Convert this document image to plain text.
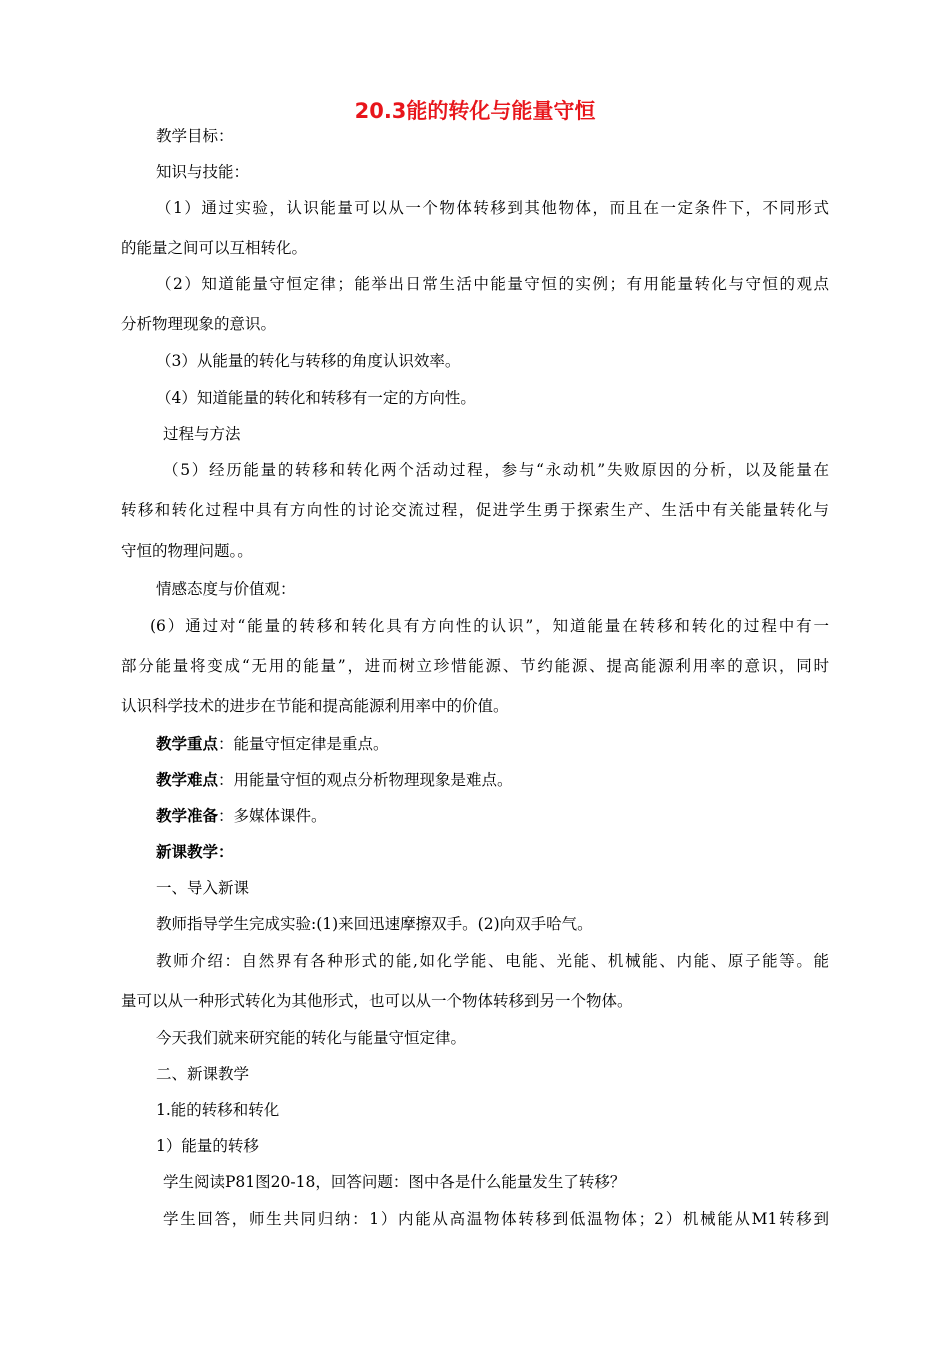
20.3能的转化与能量守恒
教学目标：
知识与技能：
（1）通过实验，认识能量可以从一个物体转移到其他物体，而且在一定条件下，不同形式
的能量之间可以互相转化。
（2）知道能量守恒定律；能举出日常生活中能量守恒的实例；有用能量转化与守恒的观点
分析物理现象的意识。
（3）从能量的转化与转移的角度认识效率。
（4）知道能量的转化和转移有一定的方向性。
过程与方法
（5）经历能量的转移和转化两个活动过程，参与“永动机”失败原因的分析，以及能量在
转移和转化过程中具有方向性的讨论交流过程，促进学生勇于探索生产、生活中有关能量转化与
守恒的物理问题。。
情感态度与价值观：
(6）通过对“能量的转移和转化具有方向性的认识”，知道能量在转移和转化的过程中有一
部分能量将变成“无用的能量”，进而树立珍惜能源、节约能源、提高能源利用率的意识，同时
认识科学技术的进步在节能和提高能源利用率中的价值。
教学重点：能量守恒定律是重点。
教学难点：用能量守恒的观点分析物理现象是难点。
教学准备：多媒体课件。
新课教学：
一、导入新课
教师指导学生完成实验:(1)来回迅速摩擦双手。(2)向双手哈气。
教师介绍：自然界有各种形式的能,如化学能、电能、光能、机械能、内能、原子能等。能
量可以从一种形式转化为其他形式，也可以从一个物体转移到另一个物体。
今天我们就来研究能的转化与能量守恒定律。
二、新课教学
1.能的转移和转化
1）能量的转移
学生阅读P81图20-18，回答问题：图中各是什么能量发生了转移？
学生回答，师生共同归纳：1）内能从高温物体转移到低温物体；2）机械能从M1转移到
